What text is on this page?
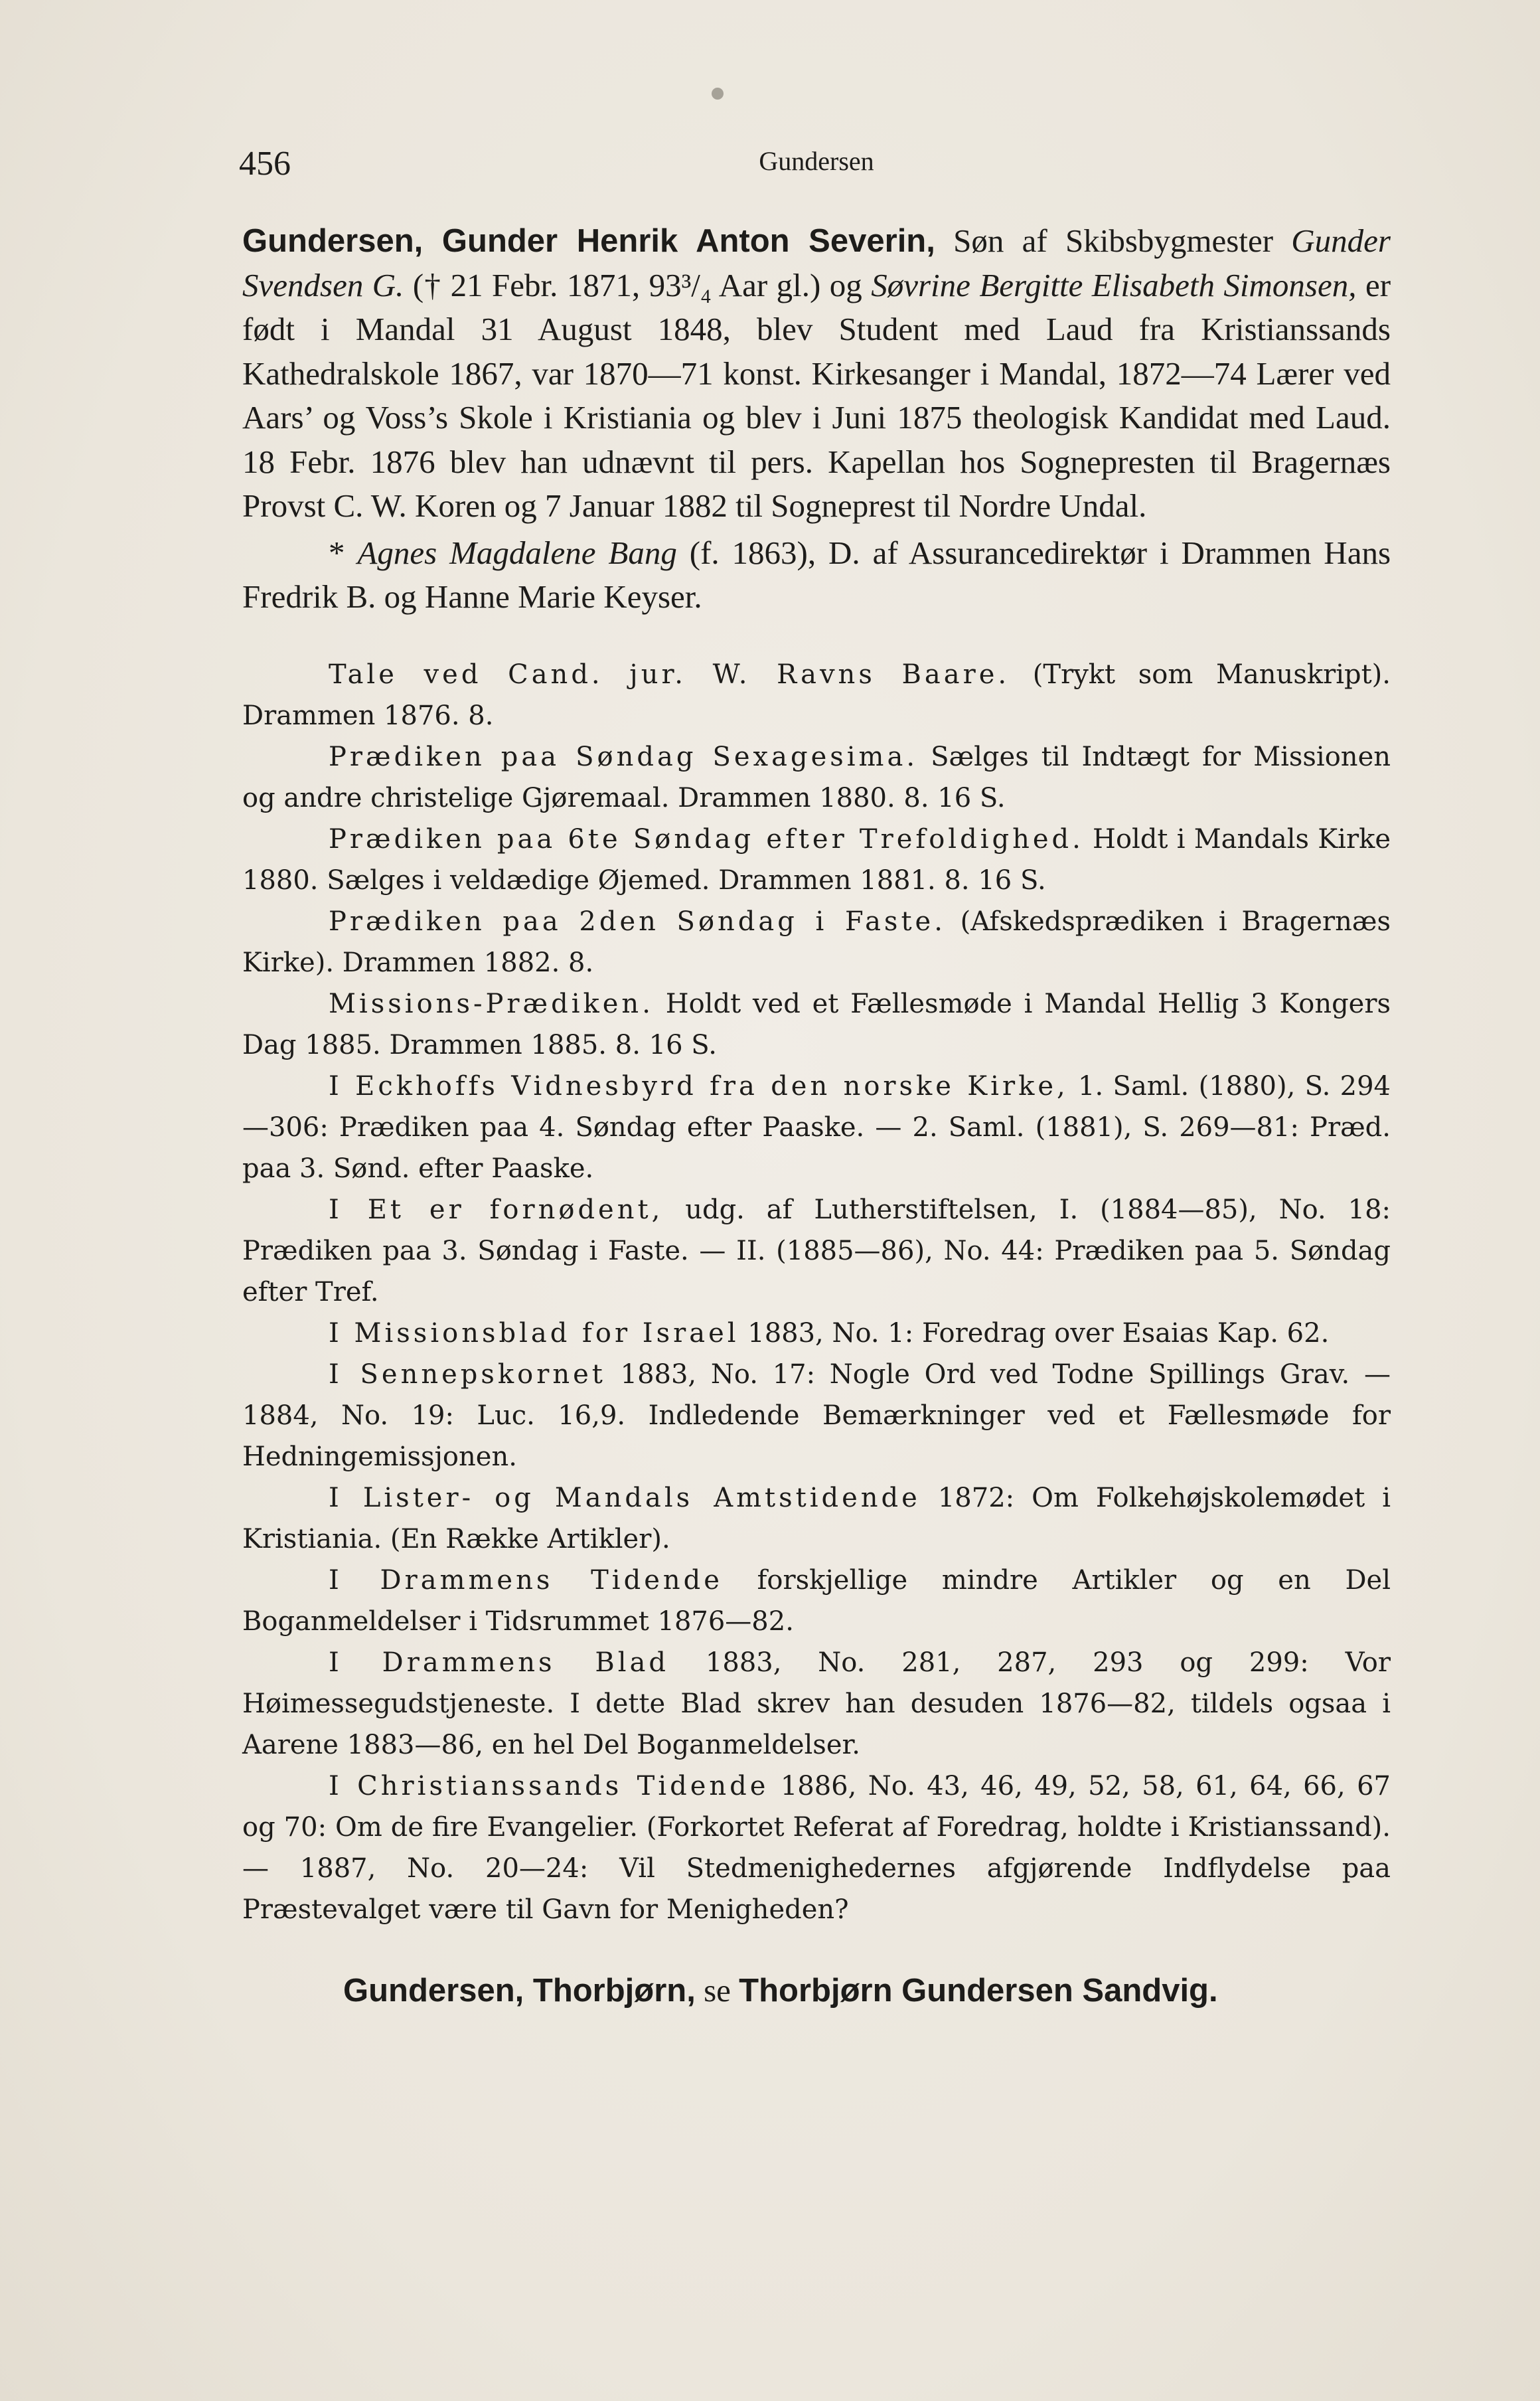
456	Gundersen

Gundersen, Gunder Henrik Anton Severin, Søn af Skibsbygmester Gunder Svendsen G. († 21 Febr. 1871, 93³/₄ Aar gl.) og Søvrine Bergitte Elisabeth Simonsen, er født i Mandal 31 August 1848, blev Student med Laud fra Kristianssands Kathedralskole 1867, var 1870—71 konst. Kirkesanger i Mandal, 1872—74 Lærer ved Aars’ og Voss’s Skole i Kristiania og blev i Juni 1875 theologisk Kandidat med Laud. 18 Febr. 1876 blev han udnævnt til pers. Kapellan hos Sognepresten til Bragernæs Provst C. W. Koren og 7 Januar 1882 til Sogneprest til Nordre Undal.

* Agnes Magdalene Bang (f. 1863), D. af Assurancedirektør i Drammen Hans Fredrik B. og Hanne Marie Keyser.

Tale ved Cand. jur. W. Ravns Baare. (Trykt som Manuskript). Drammen 1876. 8.

Prædiken paa Søndag Sexagesima. Sælges til Indtægt for Missionen og andre christelige Gjøremaal. Drammen 1880. 8. 16 S.

Prædiken paa 6te Søndag efter Trefoldighed. Holdt i Mandals Kirke 1880. Sælges i veldædige Øjemed. Drammen 1881. 8. 16 S.

Prædiken paa 2den Søndag i Faste. (Afskedsprædiken i Bragernæs Kirke). Drammen 1882. 8.

Missions-Prædiken. Holdt ved et Fællesmøde i Mandal Hellig 3 Kongers Dag 1885. Drammen 1885. 8. 16 S.

I Eckhoffs Vidnesbyrd fra den norske Kirke, 1. Saml. (1880), S. 294—306: Prædiken paa 4. Søndag efter Paaske. — 2. Saml. (1881), S. 269—81: Præd. paa 3. Sønd. efter Paaske.

I Et er fornødent, udg. af Lutherstiftelsen, I. (1884—85), No. 18: Prædiken paa 3. Søndag i Faste. — II. (1885—86), No. 44: Prædiken paa 5. Søndag efter Tref.

I Missionsblad for Israel 1883, No. 1: Foredrag over Esaias Kap. 62.

I Sennepskornet 1883, No. 17: Nogle Ord ved Todne Spillings Grav. — 1884, No. 19: Luc. 16,9. Indledende Bemærkninger ved et Fællesmøde for Hedningemissjonen.

I Lister- og Mandals Amtstidende 1872: Om Folkehøjskolemødet i Kristiania. (En Række Artikler).

I Drammens Tidende forskjellige mindre Artikler og en Del Boganmeldelser i Tidsrummet 1876—82.

I Drammens Blad 1883, No. 281, 287, 293 og 299: Vor Høimessegudstjeneste. I dette Blad skrev han desuden 1876—82, tildels ogsaa i Aarene 1883—86, en hel Del Boganmeldelser.

I Christianssands Tidende 1886, No. 43, 46, 49, 52, 58, 61, 64, 66, 67 og 70: Om de fire Evangelier. (Forkortet Referat af Foredrag, holdte i Kristianssand). — 1887, No. 20—24: Vil Stedmenighedernes afgjørende Indflydelse paa Præstevalget være til Gavn for Menigheden?

Gundersen, Thorbjørn, se Thorbjørn Gundersen Sandvig.
